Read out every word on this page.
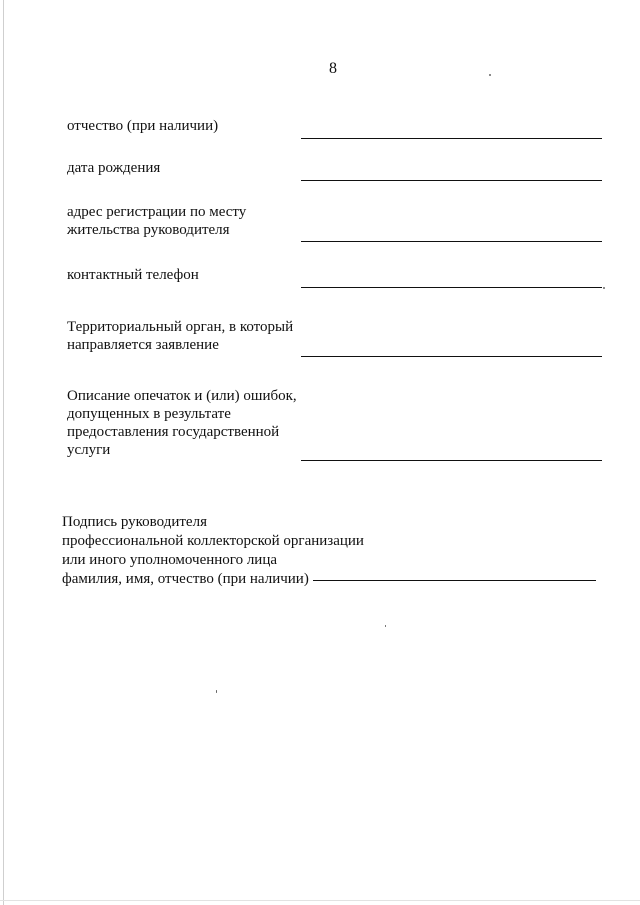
8
отчество (при наличии)
дата рождения
адрес регистрации по месту
жительства руководителя
контактный телефон
Территориальный орган, в который
направляется заявление
Описание опечаток и (или) ошибок,
допущенных в результате
предоставления государственной
услуги
Подпись руководителя
профессиональной коллекторской организации
или иного уполномоченного лица
фамилия, имя, отчество (при наличии)
